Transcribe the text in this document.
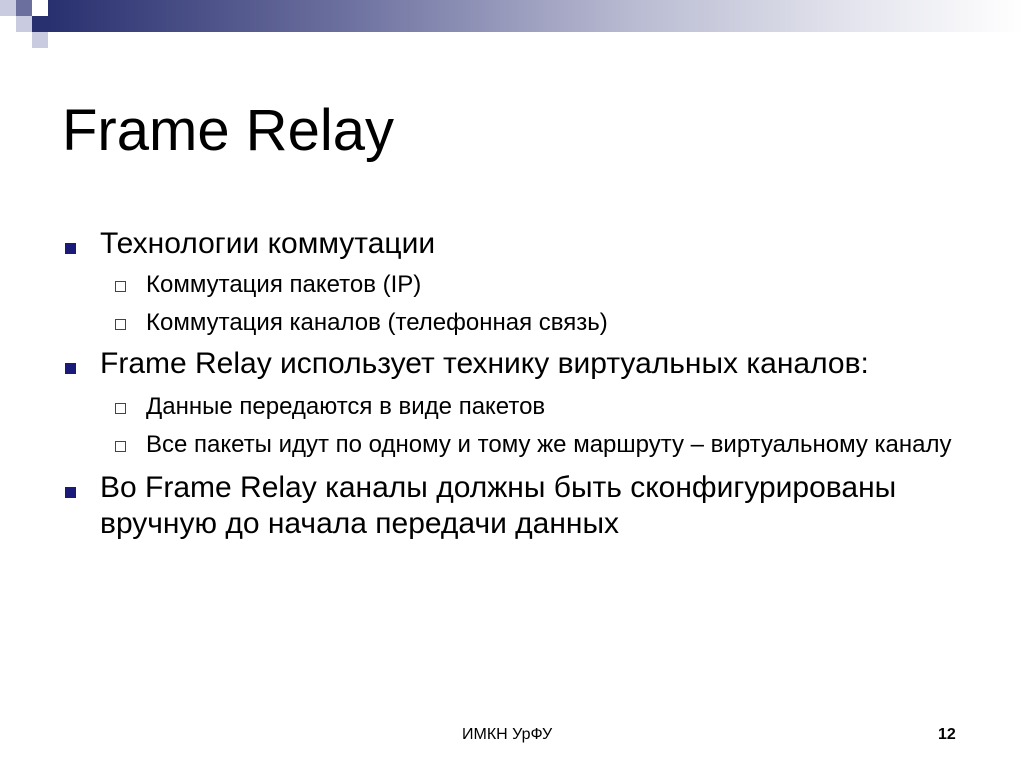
Frame Relay
Технологии коммутации
Коммутация пакетов (IP)
Коммутация каналов (телефонная связь)
Frame Relay использует технику виртуальных каналов:
Данные передаются в виде пакетов
Все пакеты идут по одному и тому же маршруту – виртуальному каналу
Во Frame Relay каналы должны быть сконфигурированы вручную до начала передачи данных
ИМКН УрФУ	12
